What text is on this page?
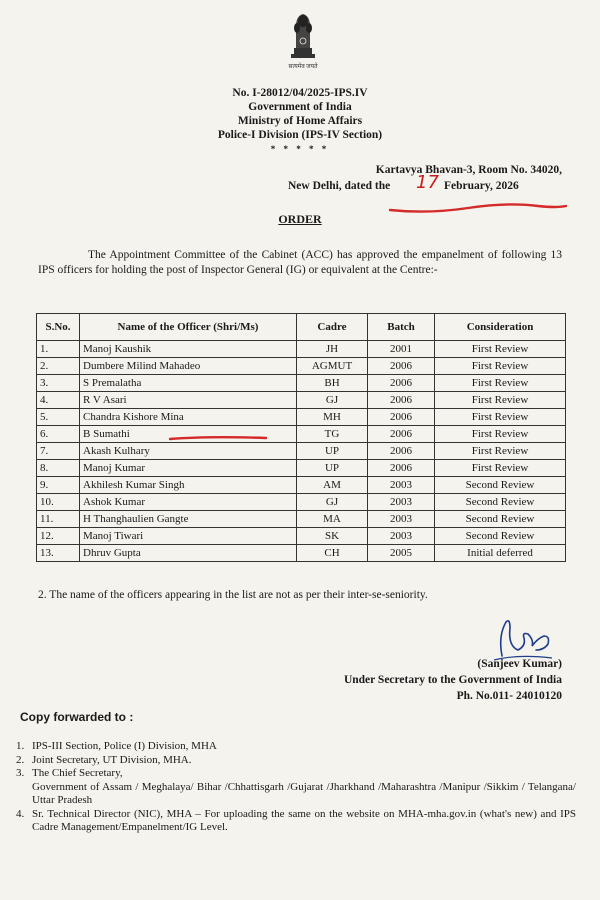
सत्यमेव जयते
No. I-28012/04/2025-IPS.IV
Government of India
Ministry of Home Affairs
Police-I Division (IPS-IV Section)
* * * * *
Kartavya Bhavan-3, Room No. 34020,
New Delhi, dated the	February, 2026
17
ORDER
The Appointment Committee of the Cabinet (ACC) has approved the empanelment of following 13 IPS officers for holding the post of Inspector General (IG) or equivalent at the Centre:-
S.No.	Name of the Officer (Shri/Ms)	Cadre	Batch	Consideration
1.	Manoj Kaushik	JH	2001	First Review
2.	Dumbere Milind Mahadeo	AGMUT	2006	First Review
3.	S Premalatha	BH	2006	First Review
4.	R V Asari	GJ	2006	First Review
5.	Chandra Kishore Mina	MH	2006	First Review
6.	B Sumathi	TG	2006	First Review
7.	Akash Kulhary	UP	2006	First Review
8.	Manoj Kumar	UP	2006	First Review
9.	Akhilesh Kumar Singh	AM	2003	Second Review
10.	Ashok Kumar	GJ	2003	Second Review
11.	H Thanghaulien Gangte	MA	2003	Second Review
12.	Manoj Tiwari	SK	2003	Second Review
13.	Dhruv Gupta	CH	2005	Initial deferred
2. The name of the officers appearing in the list are not as per their inter-se-seniority.
(Sanjeev Kumar)
Under Secretary to the Government of India
Ph. No.011- 24010120
Copy forwarded to :
1. IPS-III Section, Police (I) Division, MHA
2. Joint Secretary, UT Division, MHA.
3. The Chief Secretary,
Government of Assam / Meghalaya/ Bihar /Chhattisgarh /Gujarat /Jharkhand /Maharashtra /Manipur /Sikkim / Telangana/ Uttar Pradesh
4. Sr. Technical Director (NIC), MHA – For uploading the same on the website on MHA-mha.gov.in (what's new) and IPS Cadre Management/Empanelment/IG Level.
